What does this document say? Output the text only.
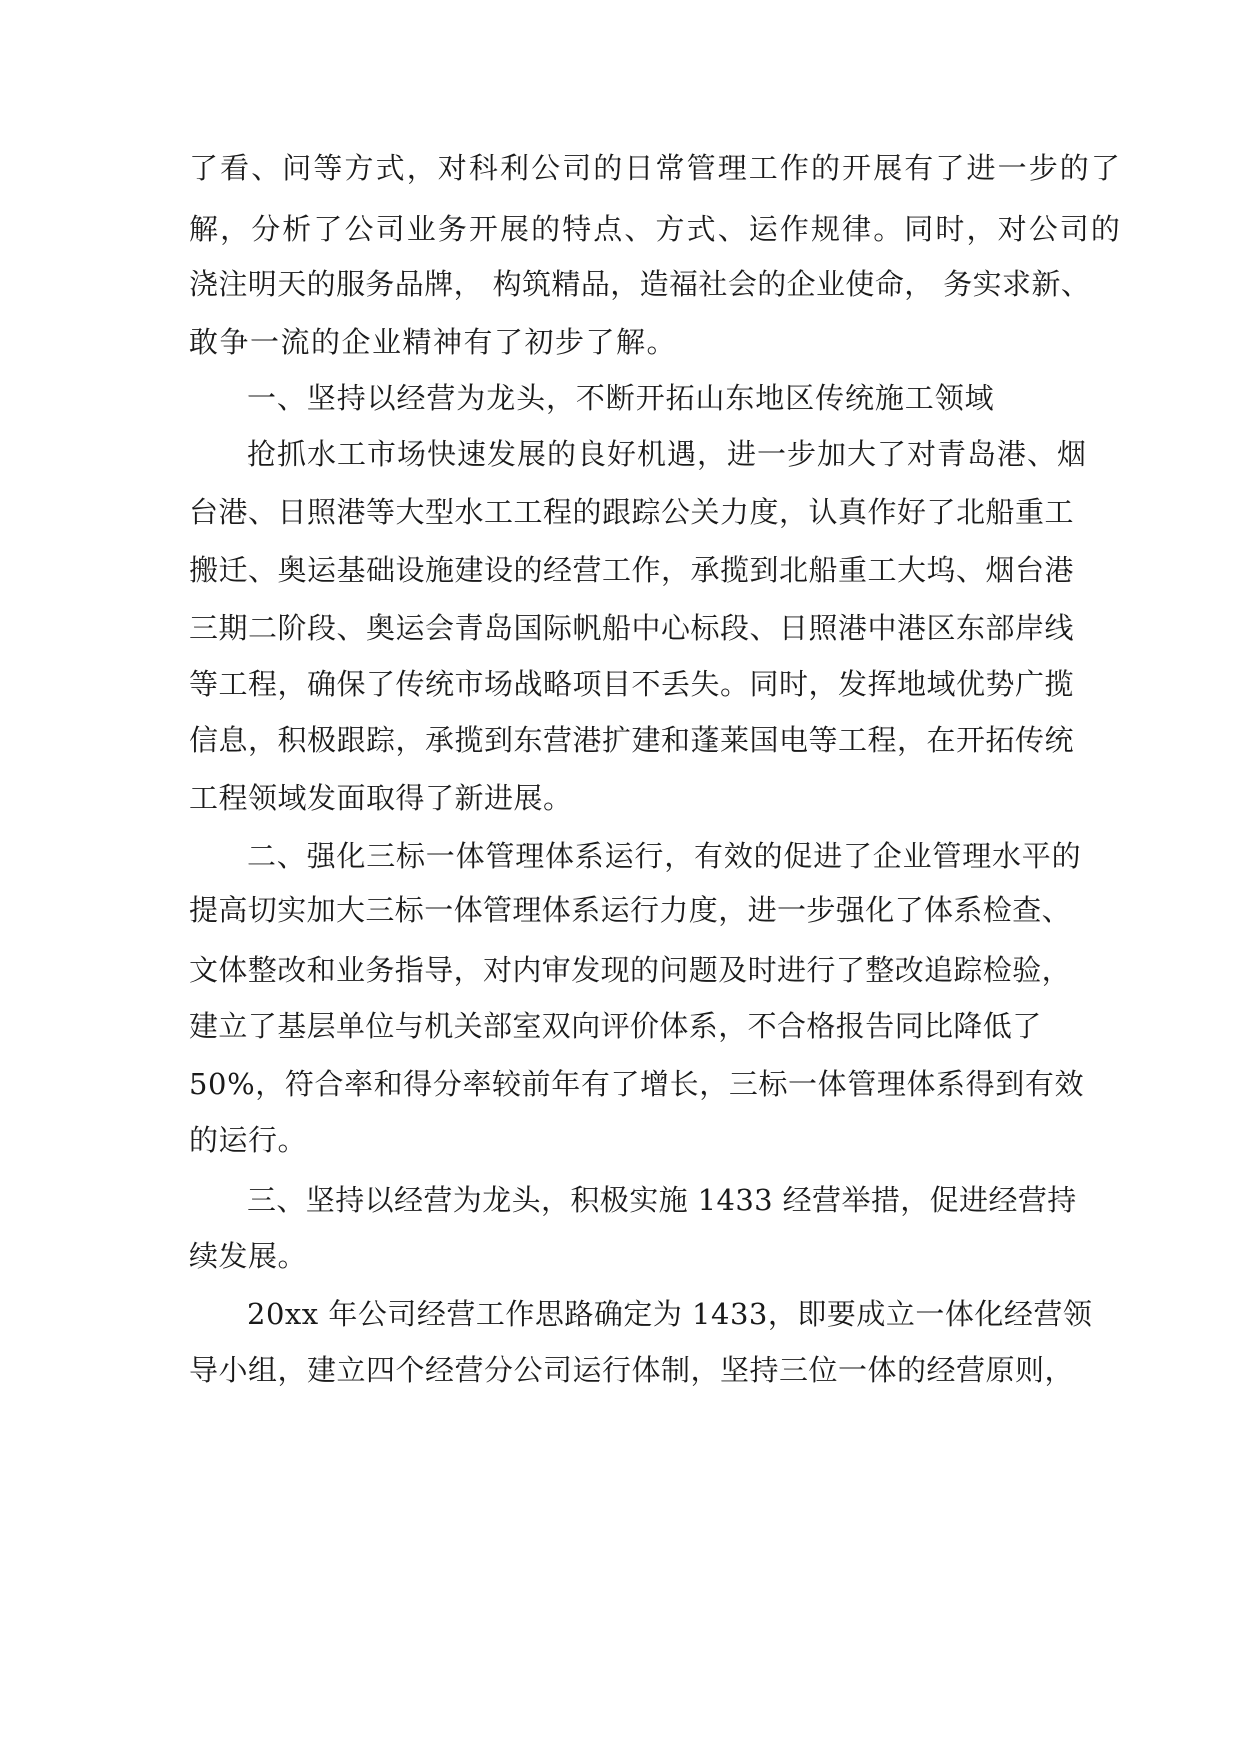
了看、问等方式，对科利公司的日常管理工作的开展有了进一步的了

解，分析了公司业务开展的特点、方式、运作规律。同时，对公司的

浇注明天的服务品牌， 构筑精品，造福社会的企业使命， 务实求新、

敢争一流的企业精神有了初步了解。

一、坚持以经营为龙头，不断开拓山东地区传统施工领域

抢抓水工市场快速发展的良好机遇，进一步加大了对青岛港、烟

台港、日照港等大型水工工程的跟踪公关力度，认真作好了北船重工

搬迁、奥运基础设施建设的经营工作，承揽到北船重工大坞、烟台港

三期二阶段、奥运会青岛国际帆船中心标段、日照港中港区东部岸线

等工程，确保了传统市场战略项目不丢失。同时，发挥地域优势广揽

信息，积极跟踪，承揽到东营港扩建和蓬莱国电等工程，在开拓传统

工程领域发面取得了新进展。

二、强化三标一体管理体系运行，有效的促进了企业管理水平的

提高切实加大三标一体管理体系运行力度，进一步强化了体系检查、

文体整改和业务指导，对内审发现的问题及时进行了整改追踪检验，

建立了基层单位与机关部室双向评价体系，不合格报告同比降低了

50%，符合率和得分率较前年有了增长，三标一体管理体系得到有效

的运行。

三、坚持以经营为龙头，积极实施 1433 经营举措，促进经营持

续发展。

20xx 年公司经营工作思路确定为 1433，即要成立一体化经营领

导小组，建立四个经营分公司运行体制，坚持三位一体的经营原则，
